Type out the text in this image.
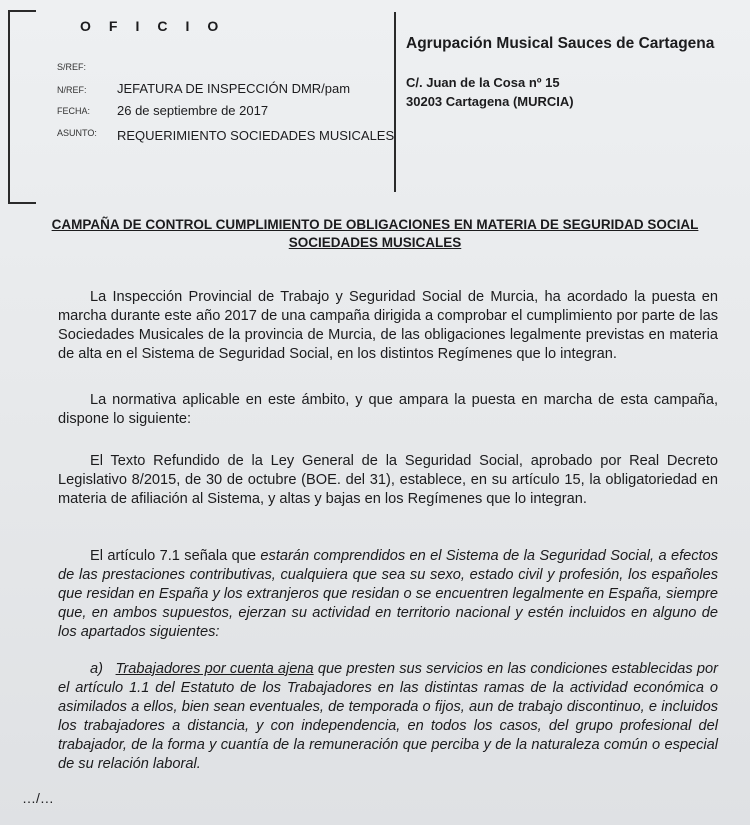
OFICIO
S/REF:
N/REF: JEFATURA DE INSPECCIÓN DMR/pam
FECHA: 26 de septiembre de 2017
ASUNTO: REQUERIMIENTO SOCIEDADES MUSICALES
Agrupación Musical Sauces de Cartagena
C/. Juan de la Cosa nº 15
30203 Cartagena (MURCIA)
CAMPAÑA DE CONTROL CUMPLIMIENTO DE OBLIGACIONES EN MATERIA DE SEGURIDAD SOCIAL
SOCIEDADES MUSICALES
La Inspección Provincial de Trabajo y Seguridad Social de Murcia, ha acordado la puesta en marcha durante este año 2017 de una campaña dirigida a comprobar el cumplimiento por parte de las Sociedades Musicales de la provincia de Murcia, de las obligaciones legalmente previstas en materia de alta en el Sistema de Seguridad Social, en los distintos Regímenes que lo integran.
La normativa aplicable en este ámbito, y que ampara la puesta en marcha de esta campaña, dispone lo siguiente:
El Texto Refundido de la Ley General de la Seguridad Social, aprobado por Real Decreto Legislativo 8/2015, de 30 de octubre (BOE. del 31), establece, en su artículo 15, la obligatoriedad en materia de afiliación al Sistema, y altas y bajas en los Regímenes que lo integran.
El artículo 7.1 señala que estarán comprendidos en el Sistema de la Seguridad Social, a efectos de las prestaciones contributivas, cualquiera que sea su sexo, estado civil y profesión, los españoles que residan en España y los extranjeros que residan o se encuentren legalmente en España, siempre que, en ambos supuestos, ejerzan su actividad en territorio nacional y estén incluidos en alguno de los apartados siguientes:
a) Trabajadores por cuenta ajena que presten sus servicios en las condiciones establecidas por el artículo 1.1 del Estatuto de los Trabajadores en las distintas ramas de la actividad económica o asimilados a ellos, bien sean eventuales, de temporada o fijos, aun de trabajo discontinuo, e incluidos los trabajadores a distancia, y con independencia, en todos los casos, del grupo profesional del trabajador, de la forma y cuantía de la remuneración que perciba y de la naturaleza común o especial de su relación laboral.
…/…
